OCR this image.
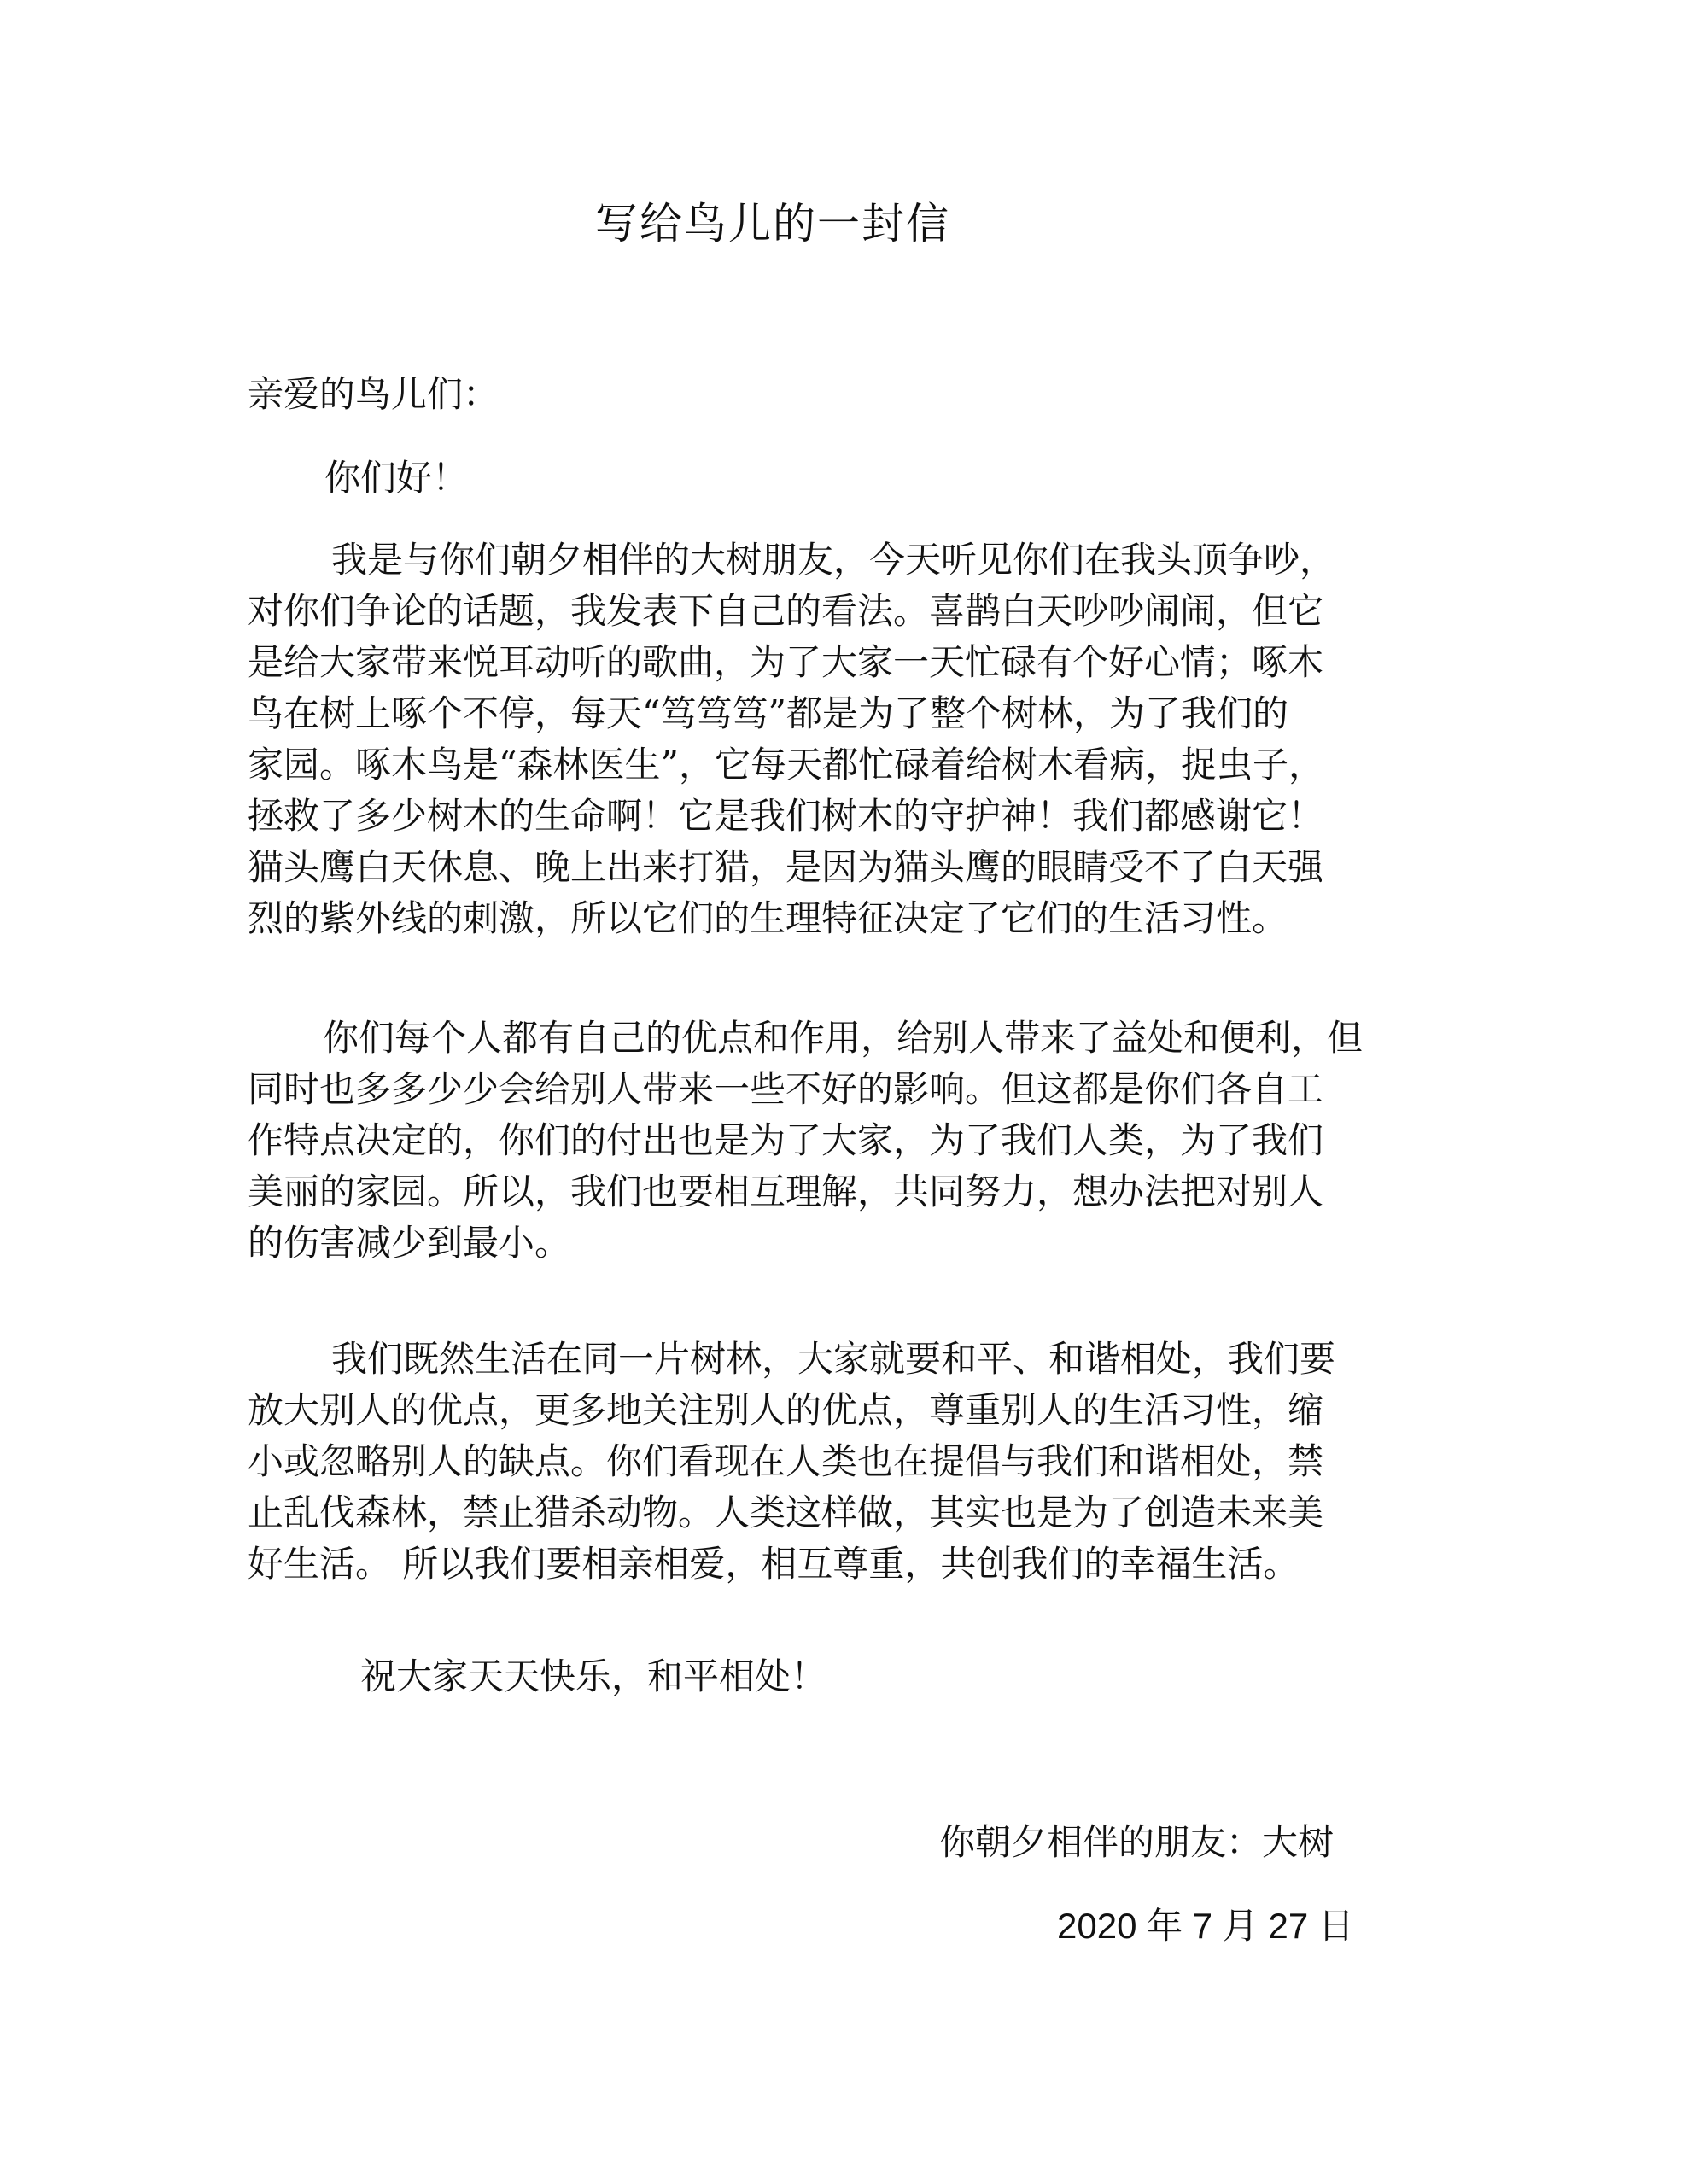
写给鸟儿的一封信
亲爱的鸟儿们：
你们好！
　我是与你们朝夕相伴的大树朋友，今天听见你们在我头顶争吵，
对你们争论的话题，我发表下自己的看法。喜鹊白天吵吵闹闹，但它
是给大家带来悦耳动听的歌曲，为了大家一天忙碌有个好心情；啄木
鸟在树上啄个不停，每天“笃笃笃”都是为了整个树林，为了我们的
家园。啄木鸟是“森林医生”，它每天都忙碌着给树木看病，捉虫子，
拯救了多少树木的生命啊！它是我们树木的守护神！我们都感谢它！
猫头鹰白天休息、晚上出来打猎，是因为猫头鹰的眼睛受不了白天强
烈的紫外线的刺激，所以它们的生理特征决定了它们的生活习性。
　你们每个人都有自己的优点和作用，给别人带来了益处和便利，但
同时也多多少少会给别人带来一些不好的影响。但这都是你们各自工
作特点决定的，你们的付出也是为了大家，为了我们人类，为了我们
美丽的家园。所以，我们也要相互理解，共同努力，想办法把对别人
的伤害减少到最小。
　我们既然生活在同一片树林，大家就要和平、和谐相处，我们要
放大别人的优点，更多地关注别人的优点，尊重别人的生活习性，缩
小或忽略别人的缺点。你们看现在人类也在提倡与我们和谐相处，禁
止乱伐森林，禁止猎杀动物。人类这样做，其实也是为了创造未来美
好生活。 所以我们要相亲相爱，相互尊重，共创我们的幸福生活。
祝大家天天快乐，和平相处！
你朝夕相伴的朋友：大树
2020 年 7 月 27 日
